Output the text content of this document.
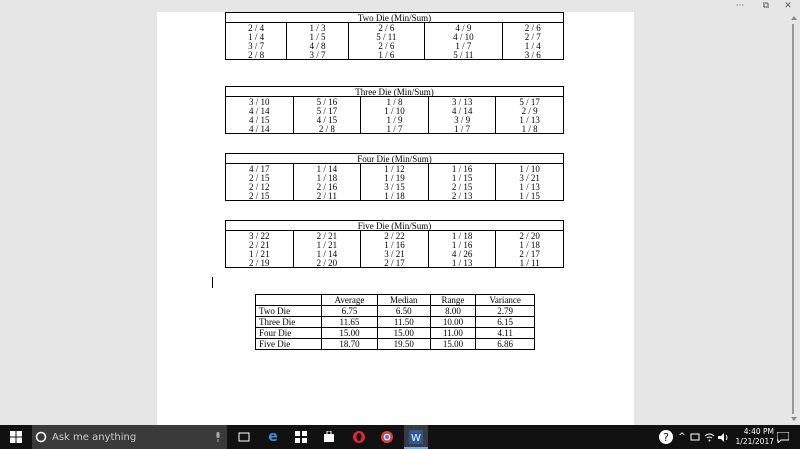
···	⧉	✕
Two Die (Min/Sum)				
2 / 4	1 / 3	2 / 6	4 / 9	2 / 6
1 / 4	1 / 5	5 / 11	4 / 10	2 / 7
3 / 7	4 / 8	2 / 6	1 / 7	1 / 4
2 / 8	3 / 7	1 / 6	5 / 11	3 / 6
Three Die (Min/Sum)				
3 / 10	5 / 16	1 / 8	3 / 13	5 / 17
4 / 14	5 / 17	1 / 10	4 / 14	2 / 9
4 / 15	4 / 15	1 / 9	3 / 9	1 / 13
4 / 14	2 / 8	1 / 7	1 / 7	1 / 8
Four Die (Min/Sum)				
4 / 17	1 / 14	1 / 12	1 / 16	1 / 10
2 / 15	1 / 18	1 / 19	1 / 15	3 / 21
2 / 12	2 / 16	3 / 15	2 / 15	1 / 13
2 / 15	2 / 11	1 / 18	2 / 13	1 / 15
Five Die (Min/Sum)				
3 / 22	2 / 21	2 / 22	1 / 18	2 / 20
2 / 21	1 / 21	1 / 16	1 / 16	1 / 18
1 / 21	1 / 14	3 / 21	4 / 26	2 / 17
2 / 19	2 / 20	2 / 17	1 / 13	1 / 11
	Average	Median	Range	Variance
Two Die	6.75	6.50	8.00	2.79
Three Die	11.65	11.50	10.00	6.15
Four Die	15.00	15.00	11.00	4.11
Five Die	18.70	19.50	15.00	6.86
Ask me anything	e	W	? ^
4:40 PM
1/21/2017
